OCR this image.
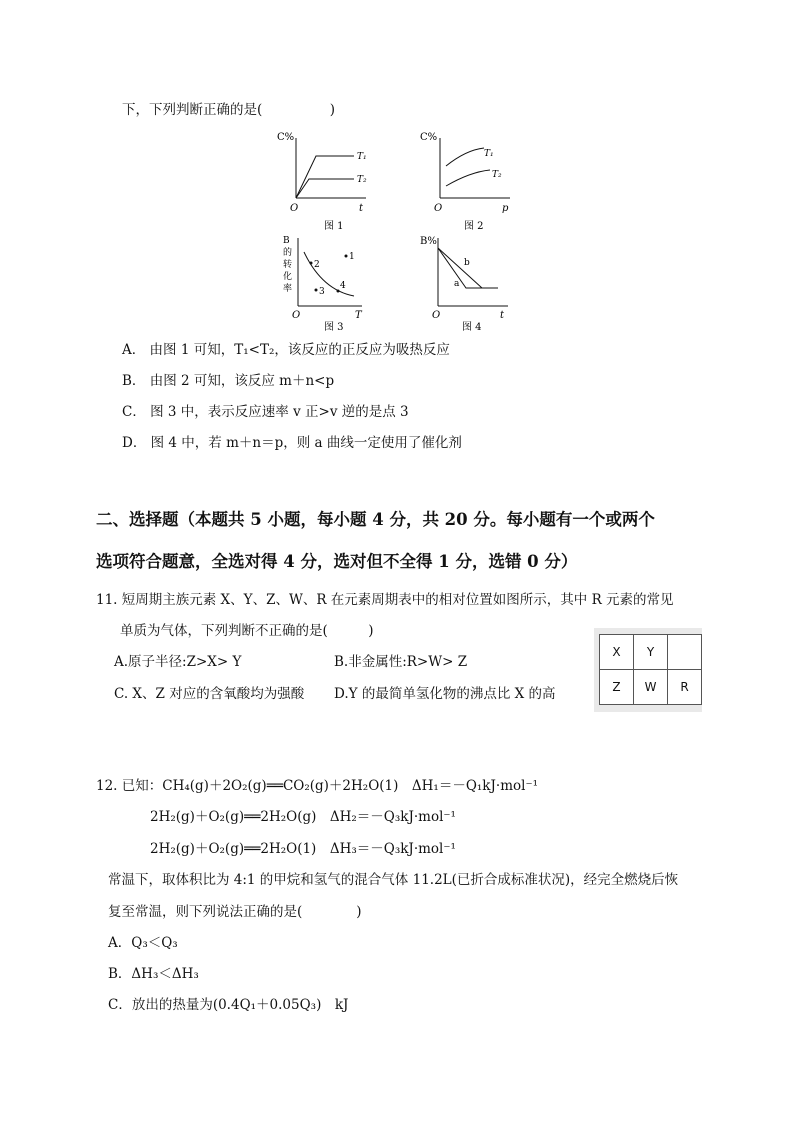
下，下列判断正确的是(　　　　　)
C%
T₁
T₂
O	t
图 1
C%
T₁
T₂
O	p
图 2
B
的
转
化
率
B的转化率
1
2
3
4
O	T
图 3
B%
a
b
O	t
图 4
A． 由图 1 可知，T₁<T₂，该反应的正反应为吸热反应
B． 由图 2 可知，该反应 m＋n<p
C． 图 3 中，表示反应速率 v 正>v 逆的是点 3
D． 图 4 中，若 m＋n＝p，则 a 曲线一定使用了催化剂
二、选择题（本题共 5 小题，每小题 4 分，共 20 分。每小题有一个或两个
选项符合题意，全选对得 4 分，选对但不全得 1 分，选错 0 分）
11. 短周期主族元素 X、Y、Z、W、R 在元素周期表中的相对位置如图所示，其中 R 元素的常见
单质为气体，下列判断不正确的是(　　　)
A.原子半径:Z>X> Y	B.非金属性:R>W> Z
C. X、Z 对应的含氧酸均为强酸 D.Y 的最简单氢化物的沸点比 X 的高
X	Y	
Z	W	R
12. 已知：CH₄(g)＋2O₂(g)══CO₂(g)＋2H₂O(1)　ΔH₁＝－Q₁kJ·mol⁻¹
2H₂(g)＋O₂(g)══2H₂O(g)　ΔH₂＝－Q₃kJ·mol⁻¹
2H₂(g)＋O₂(g)══2H₂O(1)　ΔH₃＝－Q₃kJ·mol⁻¹
常温下，取体积比为 4:1 的甲烷和氢气的混合气体 11.2L(已折合成标准状况)，经完全燃烧后恢
复至常温，则下列说法正确的是(　　　　)
A．Q₃＜Q₃
B．ΔH₃＜ΔH₃
C．放出的热量为(0.4Q₁＋0.05Q₃)　kJ
